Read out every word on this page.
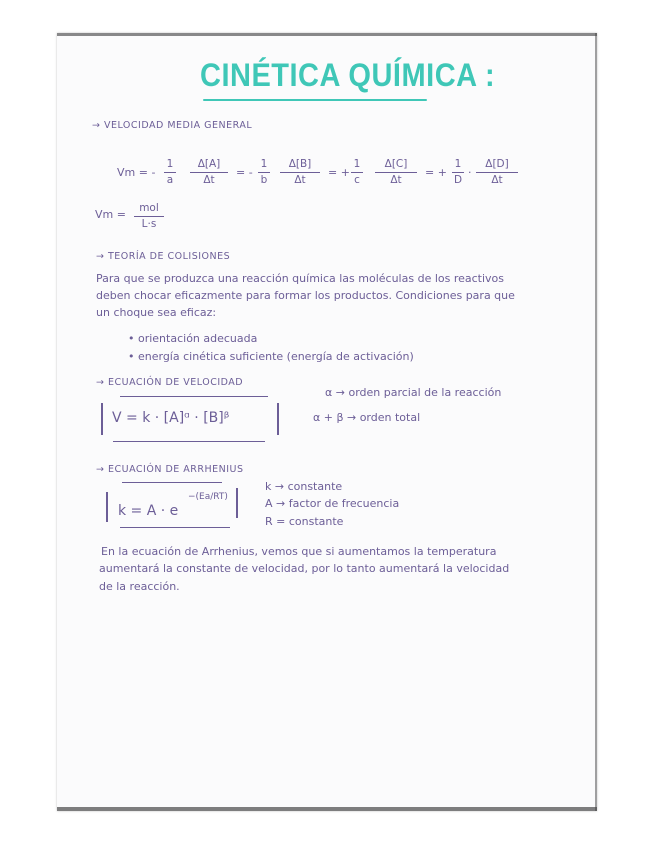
CINÉTICA QUÍMICA :
→ VELOCIDAD MEDIA GENERAL
Vm = -
1
a
Δ[A]
Δt
= -
1
b
Δ[B]
Δt
= +
1
c
Δ[C]
Δt
= +
1
D
·
Δ[D]
Δt
Vm =	mol
L·s
→ TEORÍA DE COLISIONES
Para que se produzca una reacción química las moléculas de los reactivos
deben chocar eficazmente para formar los productos. Condiciones para que
un choque sea eficaz:
• orientación adecuada
• energía cinética suficiente (energía de activación)
→ ECUACIÓN DE VELOCIDAD
V = k · [A]ᵅ · [B]ᵝ
α → orden parcial de la reacción
α + β → orden total
→ ECUACIÓN DE ARRHENIUS
k = A · e
−(Ea/RT)
k → constante
A → factor de frecuencia
R = constante
En la ecuación de Arrhenius, vemos que si aumentamos la temperatura
aumentará la constante de velocidad, por lo tanto aumentará la velocidad
de la reacción.
